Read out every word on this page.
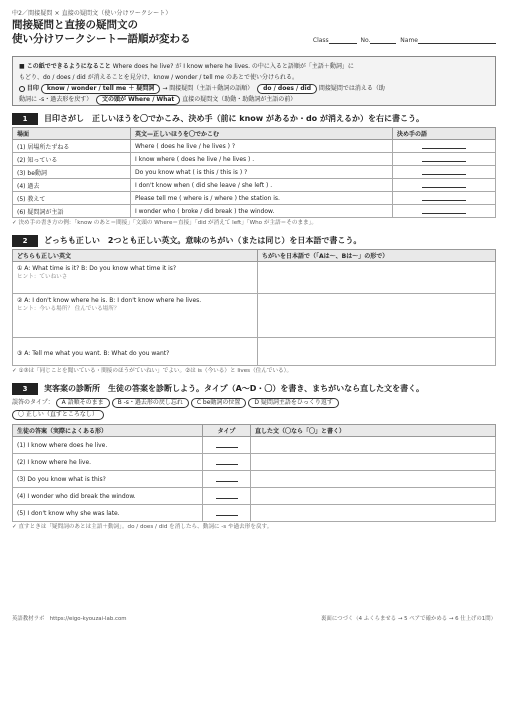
中2／間接疑問 × 直接の疑問文（使い分けワークシート）
間接疑問と直接の疑問文の
使い分けワークシート—語順が変わる	Class	No.	Name
■ この紙でできるようになること Where does he live? が I know where he lives. の中に入ると語順が「主語＋動詞」に
もどり、do / does / did が消えることを見分け、know / wonder / tell me のあとで使い分けられる。
目印 know / wonder / tell me ＋ 疑問詞 → 間接疑問（主語＋動詞の語順） do / does / did 間接疑問では消える（助
動詞に -s・過去形を戻す） 文の頭が Where / What 直接の疑問文（助動・助動詞が主語の前）
1	目印さがし　正しいほうを〇でかこみ、決め手（前に know があるか・do が消えるか）を右に書こう。
場面	英文—正しいほうを〇でかこむ	決め手の語
(1) 居場所たずねる	Where ( does he live / he lives ) ?	
(2) 知っている	I know where ( does he live / he lives ) .	
(3) be動詞	Do you know what ( is this / this is ) ?	
(4) 過去	I don't know when ( did she leave / she left ) .	
(5) 教えて	Please tell me ( where is / where ) the station is.	
(6) 疑問詞が主語	I wonder who ( broke / did break ) the window.	
✓ 決め手の書き方の例：「know のあと＝間接」「文頭の Where＝直接」「did が消えて left」「Who が主語＝そのまま」。
2	どっちも正しい　2つとも正しい英文。意味のちがい（または同じ）を日本語で書こう。
どちらも正しい英文	ちがいを日本語で（「Aは〜、Bは〜」の形で）

① A: What time is it? B: Do you know what time it is?
ヒント：ていねいさ	

② A: I don't know where he is. B: I don't know where he lives.
ヒント：今いる場所？ 住んでいる場所？	

③ A: Tell me what you want. B: What do you want?	

✓ ①③は「同じことを聞いている・間接のほうがていねい」でよい。②は is（今いる）と lives（住んでいる）。
3	実客案の診断所　生徒の答案を診断しよう。タイプ（A〜D・〇）を書き、まちがいなら直した文を書く。
誤答のタイプ： A 語順そのまま B -s・過去形の戻し忘れ C be動詞の位置 D 疑問詞主語をひっくり返す
〇 正しい（直すところなし）
生徒の答案（実際によくある形）	タイプ	直した文（〇なら「〇」と書く）
(1) I know where does he live.		
(2) I know where he live.		
(3) Do you know what is this?		
(4) I wonder who did break the window.		
(5) I don't know why she was late.		
✓ 直すときは「疑問詞のあとは主語＋動詞」。do / does / did を消したら、動詞に -s や過去形を戻す。
英語教材ラボ　https://eigo-kyouzai-lab.com	裏面につづく（4 ふくらませる → 5 ペアで確かめる → 6 仕上げの1問）
